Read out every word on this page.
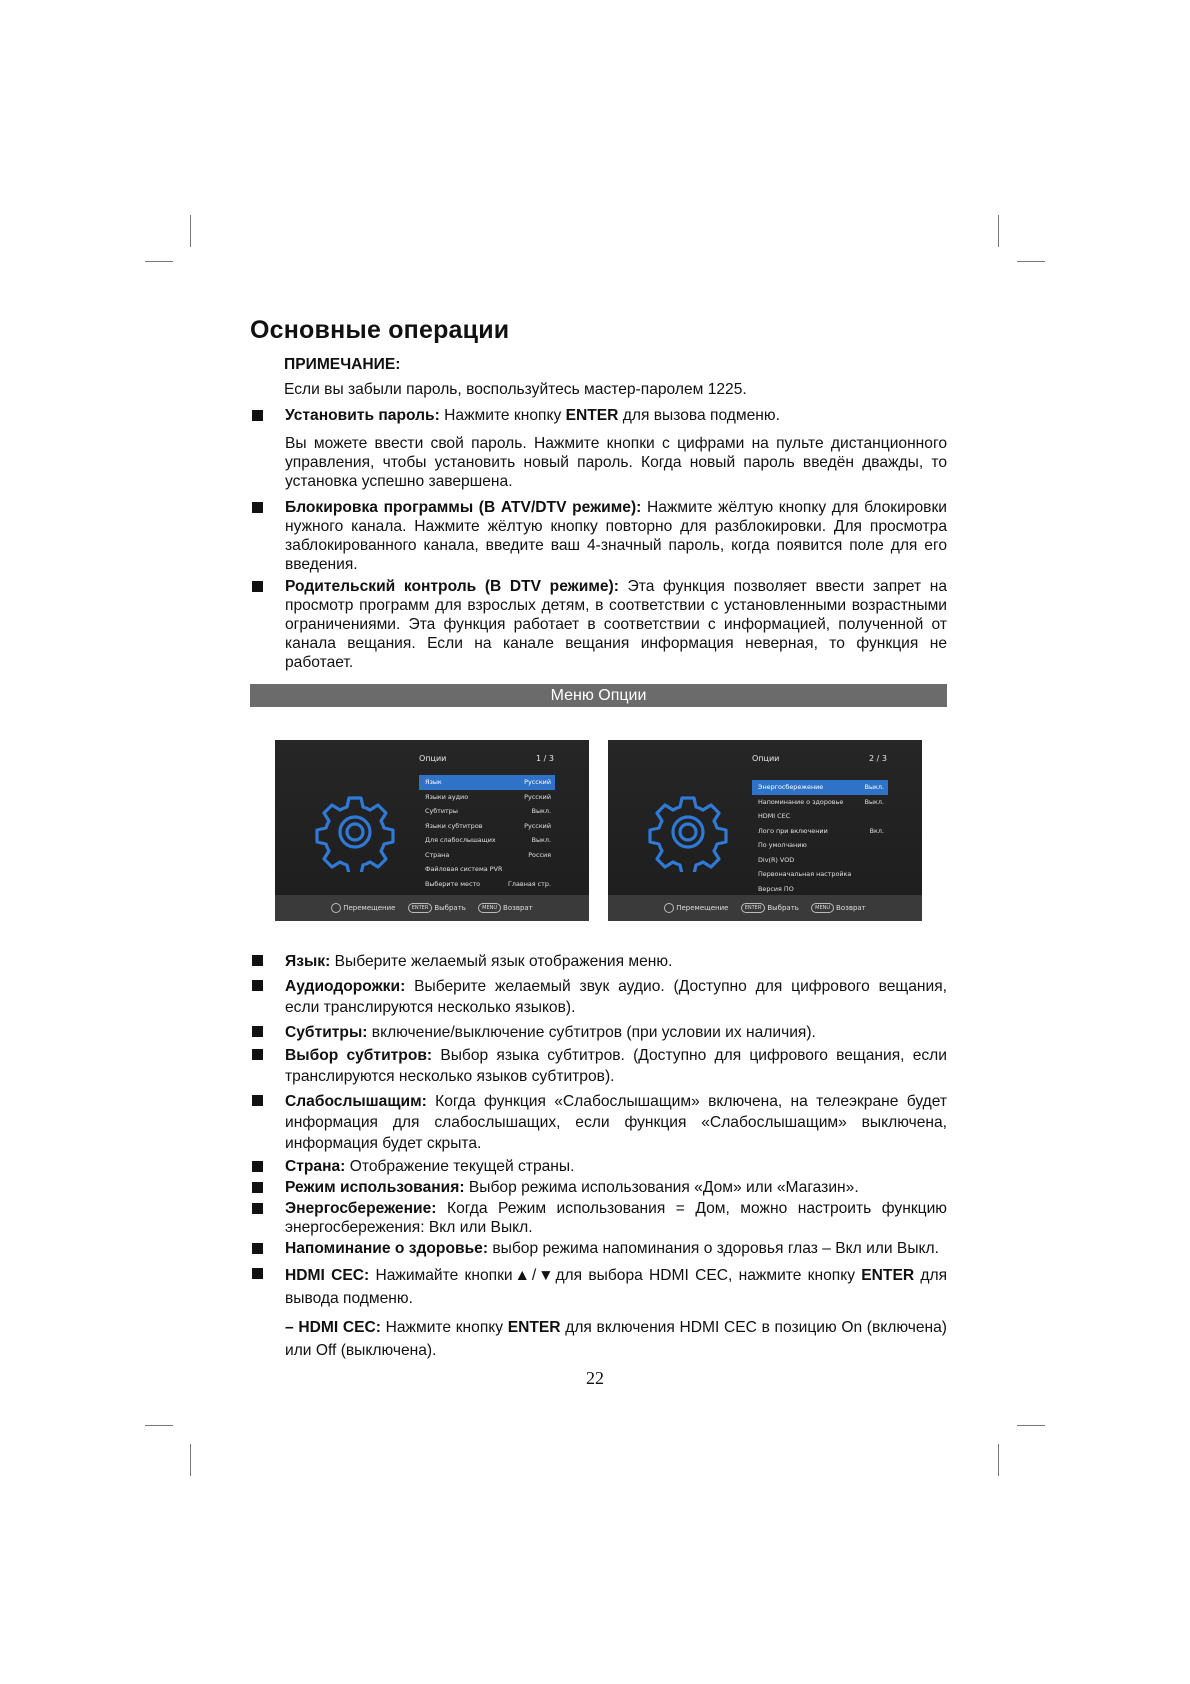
Основные операции
ПРИМЕЧАНИЕ:
Если вы забыли пароль, воспользуйтесь мастер-паролем 1225.
Установить пароль: Нажмите кнопку ENTER для вызова подменю.
Вы можете ввести свой пароль. Нажмите кнопки с цифрами на пульте дистанционного управления, чтобы установить новый пароль. Когда новый пароль введён дважды, то установка успешно завершена.
Блокировка программы (В ATV/DTV режиме): Нажмите жёлтую кнопку для блокировки нужного канала. Нажмите жёлтую кнопку повторно для разблокировки. Для просмотра заблокированного канала, введите ваш 4-значный пароль, когда появится поле для его введения.
Родительский контроль (В DTV режиме): Эта функция позволяет ввести запрет на просмотр программ для взрослых детям, в соответствии с установленными возрастными ограничениями. Эта функция работает в соответствии с информацией, полученной от канала вещания. Если на канале вещания информация неверная, то функция не работает.
Меню Опции
Опции	1 / 3
Язык	Русский
Языки аудио	Русский
Субтитры	Выкл.
Языки субтитров	Русский
Для слабослышащих	Выкл.
Страна	Россия
Файловая система PVR
Выберите место	Главная стр.
Перемещение	ENTER Выбрать	MENU Возврат
Опции	2 / 3
Энергосбережение	Выкл.
Напоминание о здоровье	Выкл.
HDMI CEC
Лого при включении	Вкл.
По умолчанию
Div(R) VOD
Первоначальная настройка
Версия ПО
Перемещение	ENTER Выбрать	MENU Возврат
Язык: Выберите желаемый язык отображения меню.
Аудиодорожки: Выберите желаемый звук аудио. (Доступно для цифрового вещания, если транслируются несколько языков).
Субтитры: включение/выключение субтитров (при условии их наличия).
Выбор субтитров: Выбор языка субтитров. (Доступно для цифрового вещания, если транслируются несколько языков субтитров).
Слабослышащим: Когда функция «Слабослышащим» включена, на телеэкране будет информация для слабослышащих, если функция «Слабослышащим» выключена, информация будет скрыта.
Страна: Отображение текущей страны.
Режим использования: Выбор режима использования «Дом» или «Магазин».
Энергосбережение: Когда Режим использования = Дом, можно настроить функцию энергосбережения: Вкл или Выкл.
Напоминание о здоровье: выбор режима напоминания о здоровья глаз – Вкл или Выкл.
HDMI CEC: Нажимайте кнопки▲/▼для выбора HDMI CEC, нажмите кнопку ENTER для вывода подменю.
– HDMI CEC: Нажмите кнопку ENTER для включения HDMI CEC в позицию On (включена) или Off (выключена).
22
